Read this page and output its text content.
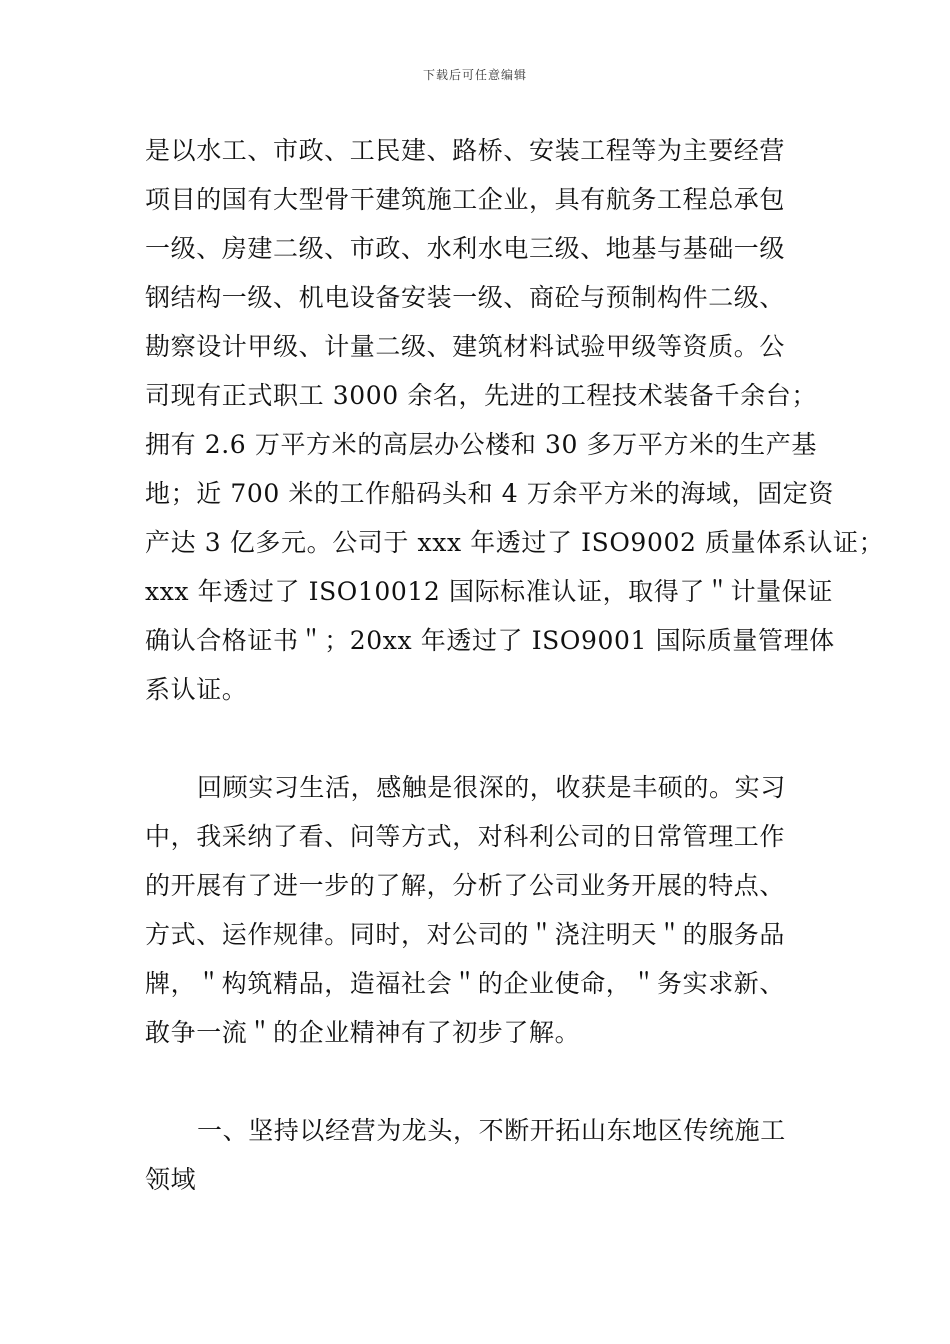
下载后可任意编辑
是以水工、市政、工民建、路桥、安装工程等为主要经营
项目的国有大型骨干建筑施工企业，具有航务工程总承包
一级、房建二级、市政、水利水电三级、地基与基础一级
钢结构一级、机电设备安装一级、商砼与预制构件二级、
勘察设计甲级、计量二级、建筑材料试验甲级等资质。公
司现有正式职工 3000 余名，先进的工程技术装备千余台；
拥有 2.6 万平方米的高层办公楼和 30 多万平方米的生产基
地；近 700 米的工作船码头和 4 万余平方米的海域，固定资
产达 3 亿多元。公司于 xxx 年透过了 ISO9002 质量体系认证；
xxx 年透过了 ISO10012 国际标准认证，取得了＂计量保证
确认合格证书＂；20xx 年透过了 ISO9001 国际质量管理体
系认证。
回顾实习生活，感触是很深的，收获是丰硕的。实习
中，我采纳了看、问等方式，对科利公司的日常管理工作
的开展有了进一步的了解，分析了公司业务开展的特点、
方式、运作规律。同时，对公司的＂浇注明天＂的服务品
牌，＂构筑精品，造福社会＂的企业使命，＂务实求新、
敢争一流＂的企业精神有了初步了解。
一、坚持以经营为龙头，不断开拓山东地区传统施工
领域
